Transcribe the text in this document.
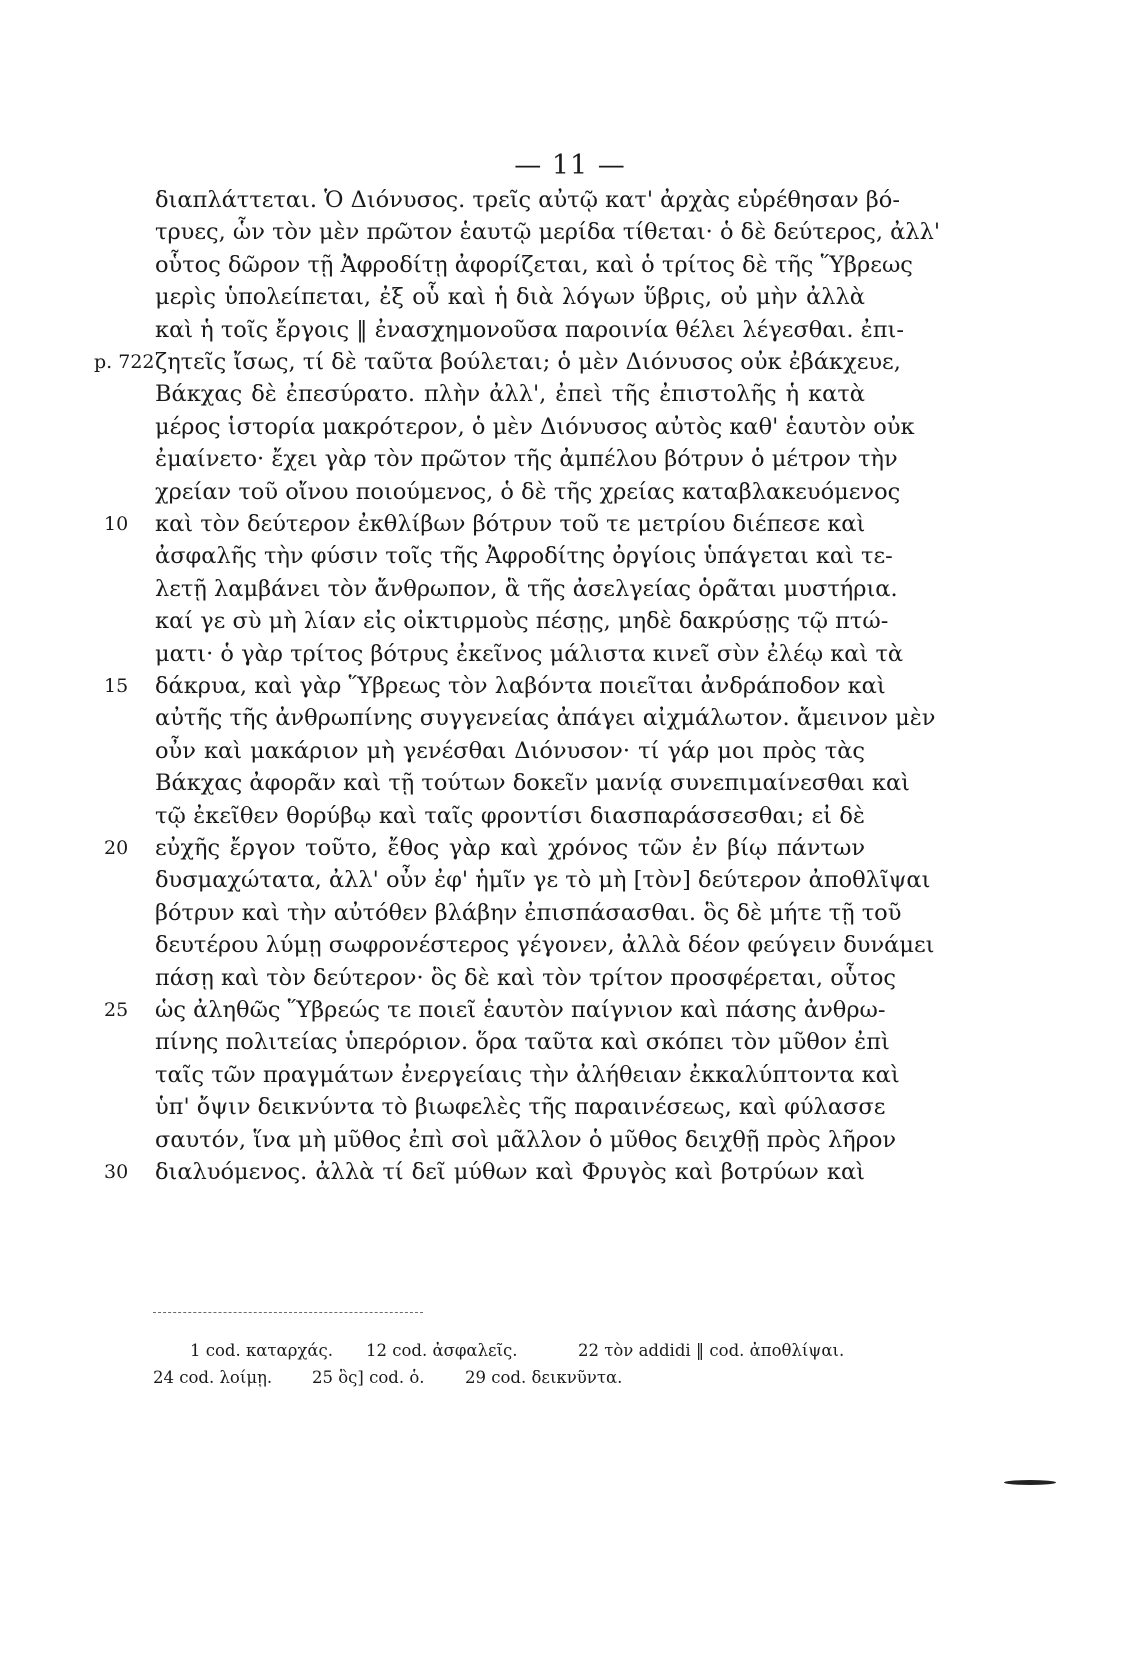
— 11 —
p. 722
10
15
20
25
30
διαπλάττεται. Ὁ Διόνυσος. τρεῖς αὐτῷ κατ' ἀρχὰς εὑρέθησαν βό-
τρυες, ὧν τὸν μὲν πρῶτον ἑαυτῷ μερίδα τίθεται· ὁ δὲ δεύτερος, ἀλλ'
οὗτος δῶρον τῇ Ἀφροδίτῃ ἀφορίζεται, καὶ ὁ τρίτος δὲ τῆς Ὕβρεως
μερὶς ὑπολείπεται, ἐξ οὗ καὶ ἡ διὰ λόγων ὕβρις, οὐ μὴν ἀλλὰ
καὶ ἡ τοῖς ἔργοις ‖ ἐνασχημονοῦσα παροινία θέλει λέγεσθαι. ἐπι-
ζητεῖς ἴσως, τί δὲ ταῦτα βούλεται; ὁ μὲν Διόνυσος οὐκ ἐβάκχευε,
Βάκχας δὲ ἐπεσύρατο. πλὴν ἀλλ', ἐπεὶ τῆς ἐπιστολῆς ἡ κατὰ
μέρος ἱστορία μακρότερον, ὁ μὲν Διόνυσος αὐτὸς καθ' ἑαυτὸν οὐκ
ἐμαίνετο· ἔχει γὰρ τὸν πρῶτον τῆς ἀμπέλου βότρυν ὁ μέτρον τὴν
χρείαν τοῦ οἴνου ποιούμενος, ὁ δὲ τῆς χρείας καταβλακευόμενος
καὶ τὸν δεύτερον ἐκθλίβων βότρυν τοῦ τε μετρίου διέπεσε καὶ
ἀσφαλῆς τὴν φύσιν τοῖς τῆς Ἀφροδίτης ὀργίοις ὑπάγεται καὶ τε-
λετῇ λαμβάνει τὸν ἄνθρωπον, ἃ τῆς ἀσελγείας ὁρᾶται μυστήρια.
καί γε σὺ μὴ λίαν εἰς οἰκτιρμοὺς πέσῃς, μηδὲ δακρύσῃς τῷ πτώ-
ματι· ὁ γὰρ τρίτος βότρυς ἐκεῖνος μάλιστα κινεῖ σὺν ἐλέῳ καὶ τὰ
δάκρυα, καὶ γὰρ Ὕβρεως τὸν λαβόντα ποιεῖται ἀνδράποδον καὶ
αὐτῆς τῆς ἀνθρωπίνης συγγενείας ἀπάγει αἰχμάλωτον. ἄμεινον μὲν
οὖν καὶ μακάριον μὴ γενέσθαι Διόνυσον· τί γάρ μοι πρὸς τὰς
Βάκχας ἀφορᾶν καὶ τῇ τούτων δοκεῖν μανίᾳ συνεπιμαίνεσθαι καὶ
τῷ ἐκεῖθεν θορύβῳ καὶ ταῖς φροντίσι διασπαράσσεσθαι; εἰ δὲ
εὐχῆς ἔργον τοῦτο, ἔθος γὰρ καὶ χρόνος τῶν ἐν βίῳ πάντων
δυσμαχώτατα, ἀλλ' οὖν ἐφ' ἡμῖν γε τὸ μὴ [τὸν] δεύτερον ἀποθλῖψαι
βότρυν καὶ τὴν αὐτόθεν βλάβην ἐπισπάσασθαι. ὃς δὲ μήτε τῇ τοῦ
δευτέρου λύμῃ σωφρονέστερος γέγονεν, ἀλλὰ δέον φεύγειν δυνάμει
πάσῃ καὶ τὸν δεύτερον· ὃς δὲ καὶ τὸν τρίτον προσφέρεται, οὗτος
ὡς ἀληθῶς Ὕβρεώς τε ποιεῖ ἑαυτὸν παίγνιον καὶ πάσης ἀνθρω-
πίνης πολιτείας ὑπερόριον. ὅρα ταῦτα καὶ σκόπει τὸν μῦθον ἐπὶ
ταῖς τῶν πραγμάτων ἐνεργείαις τὴν ἀλήθειαν ἐκκαλύπτοντα καὶ
ὑπ' ὄψιν δεικνύντα τὸ βιωφελὲς τῆς παραινέσεως, καὶ φύλασσε
σαυτόν, ἵνα μὴ μῦθος ἐπὶ σοὶ μᾶλλον ὁ μῦθος δειχθῇ πρὸς λῆρον
διαλυόμενος. ἀλλὰ τί δεῖ μύθων καὶ Φρυγὸς καὶ βοτρύων καὶ
1 cod. καταρχάς. 12 cod. ἀσφαλεῖς.	22 τὸν addidi ‖ cod. ἀποθλίψαι.
24 cod. λοίμῃ. 25 ὃς] cod. ὁ. 29 cod. δεικνῦντα.
